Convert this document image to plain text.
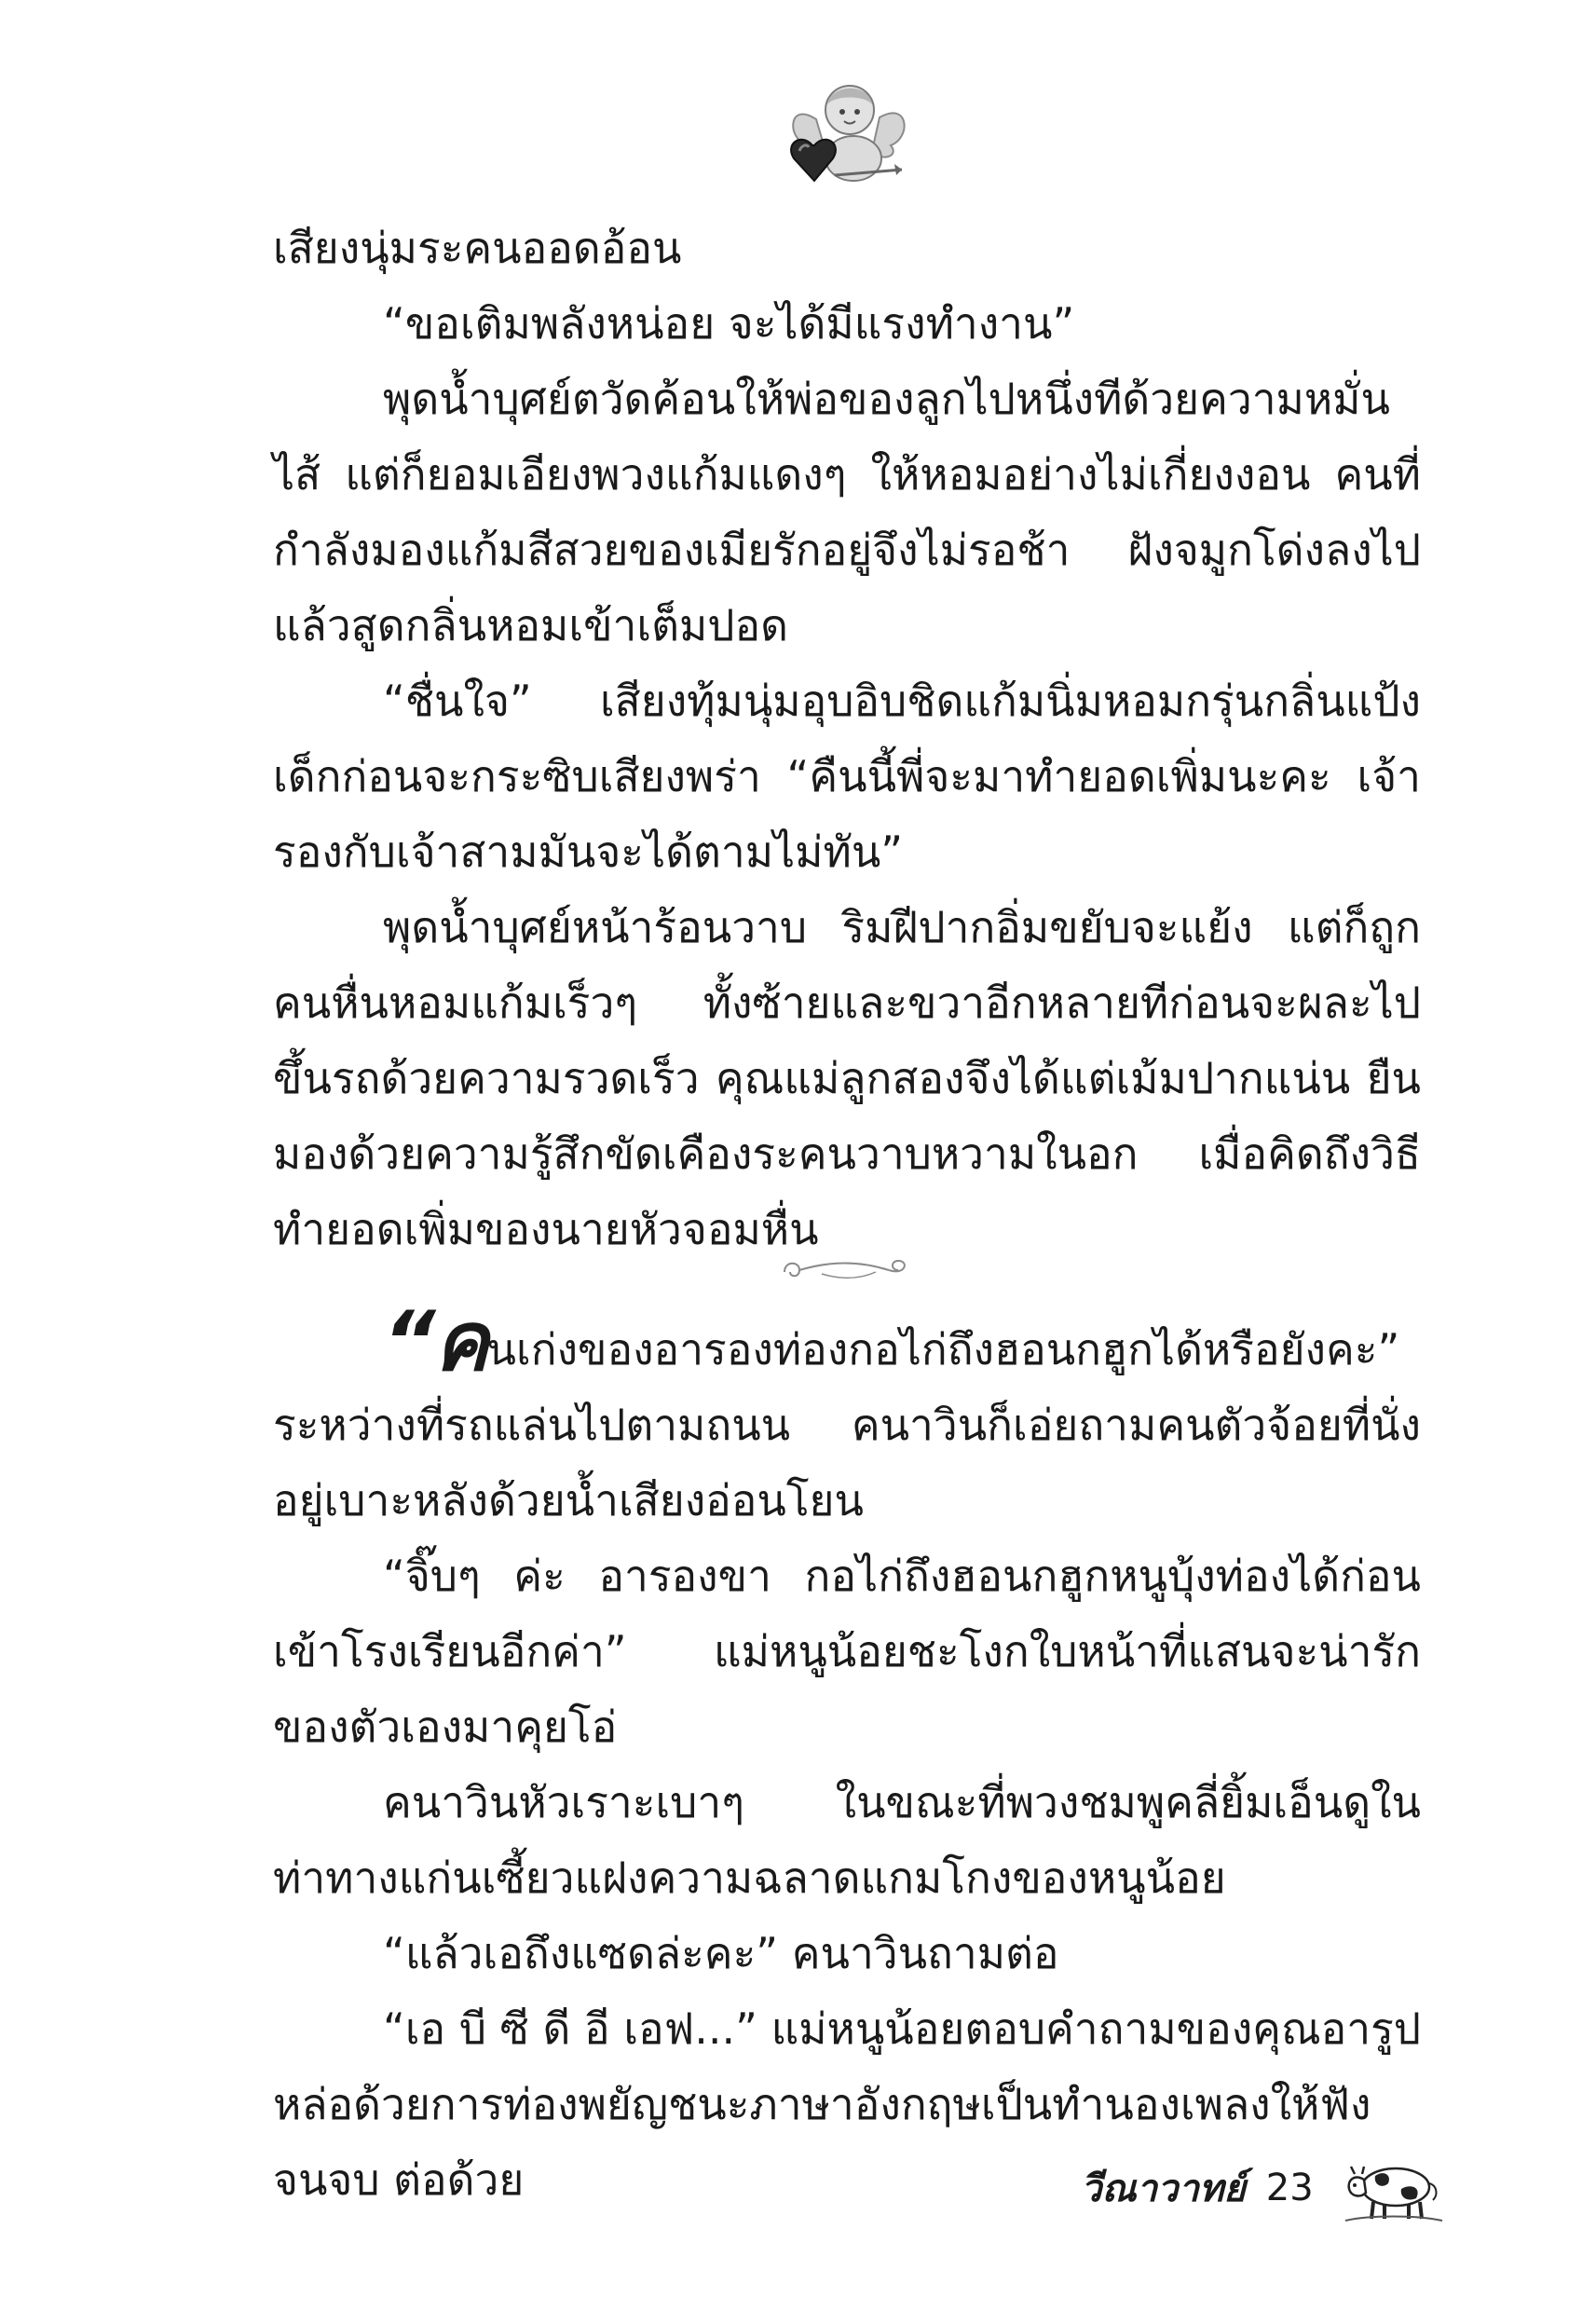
เสียงนุ่มระคนออดอ้อน

“ขอเติมพลังหน่อย จะได้มีแรงทำงาน”

พุดน้ำบุศย์ตวัดค้อนให้พ่อของลูกไปหนึ่งทีด้วยความหมั่นไส้ แต่ก็ยอมเอียงพวงแก้มแดงๆ ให้หอมอย่างไม่เกี่ยงงอน คนที่กำลังมองแก้มสีสวยของเมียรักอยู่จึงไม่รอช้า ฝังจมูกโด่งลงไปแล้วสูดกลิ่นหอมเข้าเต็มปอด

“ชื่นใจ” เสียงทุ้มนุ่มอุบอิบชิดแก้มนิ่มหอมกรุ่นกลิ่นแป้งเด็กก่อนจะกระซิบเสียงพร่า “คืนนี้พี่จะมาทำยอดเพิ่มนะคะ เจ้ารองกับเจ้าสามมันจะได้ตามไม่ทัน”

พุดน้ำบุศย์หน้าร้อนวาบ ริมฝีปากอิ่มขยับจะแย้ง แต่ก็ถูกคนหื่นหอมแก้มเร็วๆ ทั้งซ้ายและขวาอีกหลายทีก่อนจะผละไปขึ้นรถด้วยความรวดเร็ว คุณแม่ลูกสองจึงได้แต่เม้มปากแน่น ยืนมองด้วยความรู้สึกขัดเคืองระคนวาบหวามในอก เมื่อคิดถึงวิธีทำยอดเพิ่มของนายหัวจอมหื่น

“คนเก่งของอารองท่องกอไก่ถึงฮอนกฮูกได้หรือยังคะ” ระหว่างที่รถแล่นไปตามถนน คนาวินก็เอ่ยถามคนตัวจ้อยที่นั่งอยู่เบาะหลังด้วยน้ำเสียงอ่อนโยน

“จิ๊บๆ ค่ะ อารองขา กอไก่ถึงฮอนกฮูกหนูบุ้งท่องได้ก่อนเข้าโรงเรียนอีกค่า” แม่หนูน้อยชะโงกใบหน้าที่แสนจะน่ารักของตัวเองมาคุยโอ่

คนาวินหัวเราะเบาๆ ในขณะที่พวงชมพูคลี่ยิ้มเอ็นดูในท่าทางแก่นเซี้ยวแฝงความฉลาดแกมโกงของหนูน้อย

“แล้วเอถึงแซดล่ะคะ” คนาวินถามต่อ

“เอ บี ซี ดี อี เอฟ...” แม่หนูน้อยตอบคำถามของคุณอารูปหล่อด้วยการท่องพยัญชนะภาษาอังกฤษเป็นทำนองเพลงให้ฟังจนจบ ต่อด้วย	วีณาวาทย์ 23
